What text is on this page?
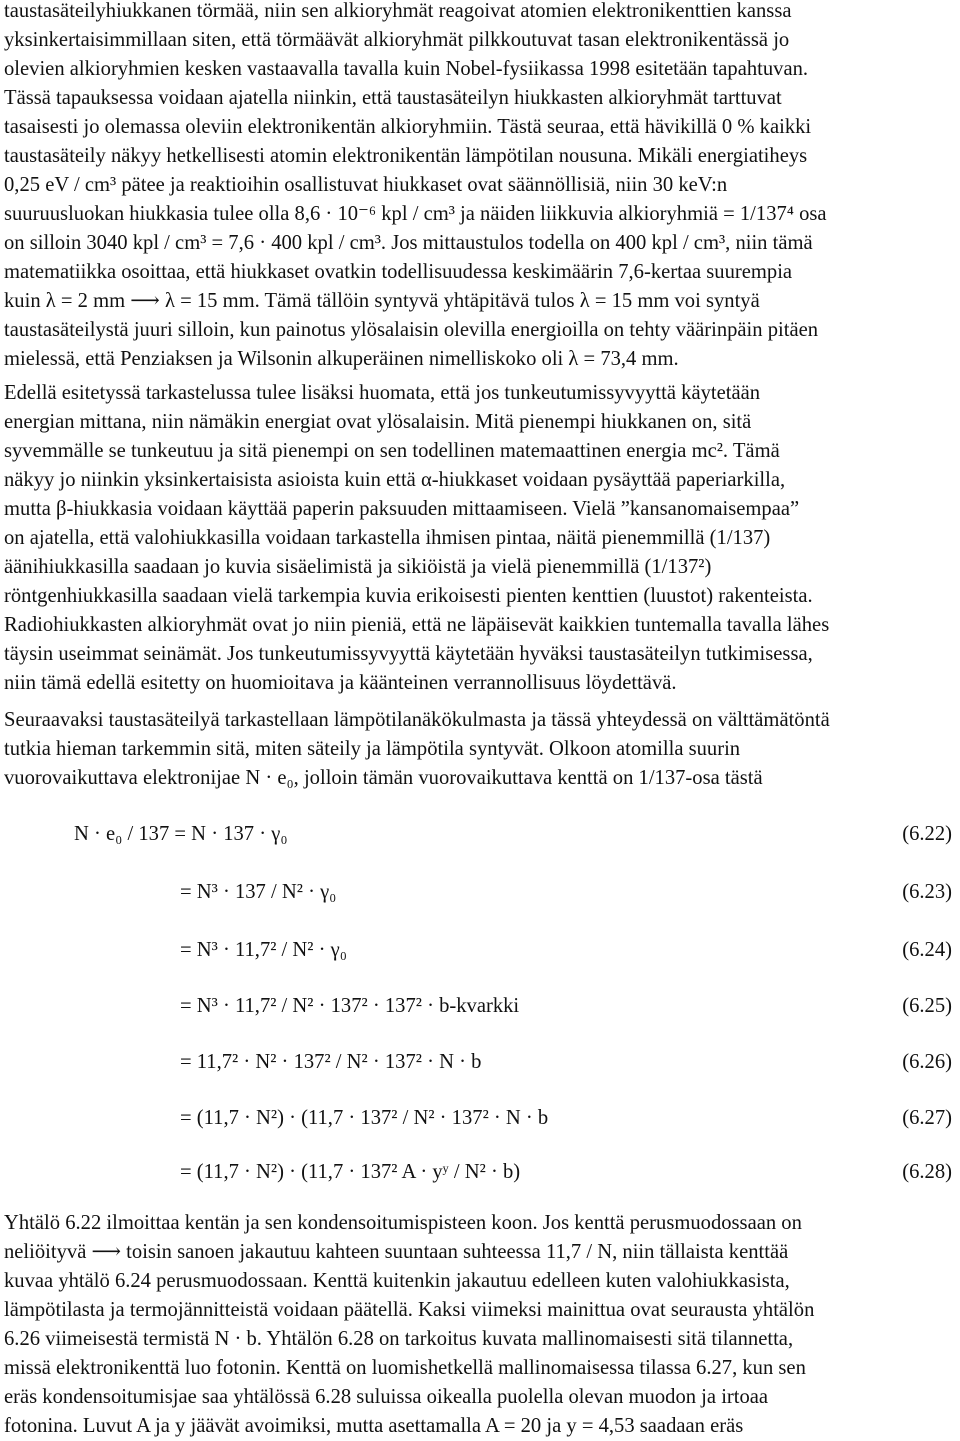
taustasäteilyhiukkanen törmää, niin sen alkioryhmät reagoivat atomien elektronikenttien kanssa
yksinkertaisimmillaan siten, että törmäävät alkioryhmät pilkkoutuvat tasan elektronikentässä jo
olevien alkioryhmien kesken vastaavalla tavalla kuin Nobel-fysiikassa 1998 esitetään tapahtuvan.
Tässä tapauksessa voidaan ajatella niinkin, että taustasäteilyn hiukkasten alkioryhmät tarttuvat
tasaisesti jo olemassa oleviin elektronikentän alkioryhmiin. Tästä seuraa, että hävikillä 0 % kaikki
taustasäteily näkyy hetkellisesti atomin elektronikentän lämpötilan nousuna. Mikäli energiatiheys
0,25 eV / cm³ pätee ja reaktioihin osallistuvat hiukkaset ovat säännöllisiä, niin 30 keV:n
suuruusluokan hiukkasia tulee olla 8,6 · 10⁻⁶ kpl / cm³ ja näiden liikkuvia alkioryhmiä = 1/137⁴ osa
on silloin 3040 kpl / cm³ = 7,6 · 400 kpl / cm³. Jos mittaustulos todella on 400 kpl / cm³, niin tämä
matematiikka osoittaa, että hiukkaset ovatkin todellisuudessa keskimäärin 7,6-kertaa suurempia
kuin λ = 2 mm ⟶ λ = 15 mm. Tämä tällöin syntyvä yhtäpitävä tulos λ = 15 mm voi syntyä
taustasäteilystä juuri silloin, kun painotus ylösalaisin olevilla energioilla on tehty väärinpäin pitäen
mielessä, että Penziaksen ja Wilsonin alkuperäinen nimelliskoko oli λ = 73,4 mm.
Edellä esitetyssä tarkastelussa tulee lisäksi huomata, että jos tunkeutumissyvyyttä käytetään
energian mittana, niin nämäkin energiat ovat ylösalaisin. Mitä pienempi hiukkanen on, sitä
syvemmälle se tunkeutuu ja sitä pienempi on sen todellinen matemaattinen energia mc². Tämä
näkyy jo niinkin yksinkertaisista asioista kuin että α-hiukkaset voidaan pysäyttää paperiarkilla,
mutta β-hiukkasia voidaan käyttää paperin paksuuden mittaamiseen. Vielä ”kansanomaisempaa”
on ajatella, että valohiukkasilla voidaan tarkastella ihmisen pintaa, näitä pienemmillä (1/137)
äänihiukkasilla saadaan jo kuvia sisäelimistä ja sikiöistä ja vielä pienemmillä (1/137²)
röntgenhiukkasilla saadaan vielä tarkempia kuvia erikoisesti pienten kenttien (luustot) rakenteista.
Radiohiukkasten alkioryhmät ovat jo niin pieniä, että ne läpäisevät kaikkien tuntemalla tavalla lähes
täysin useimmat seinämät. Jos tunkeutumissyvyyttä käytetään hyväksi taustasäteilyn tutkimisessa,
niin tämä edellä esitetty on huomioitava ja käänteinen verrannollisuus löydettävä.
Seuraavaksi taustasäteilyä tarkastellaan lämpötilanäkökulmasta ja tässä yhteydessä on välttämätöntä
tutkia hieman tarkemmin sitä, miten säteily ja lämpötila syntyvät. Olkoon atomilla suurin
vuorovaikuttava elektronijae N · e₀, jolloin tämän vuorovaikuttava kenttä on 1/137-osa tästä
N · e₀ / 137 = N · 137 · γ₀	(6.22)
= N³ · 137 / N² · γ₀	(6.23)
= N³ · 11,7² / N² · γ₀	(6.24)
= N³ · 11,7² / N² · 137² · 137² · b-kvarkki	(6.25)
= 11,7² · N² · 137² / N² · 137² · N · b	(6.26)
= (11,7 · N²) · (11,7 · 137² / N² · 137² · N · b	(6.27)
= (11,7 · N²) · (11,7 · 137² A · yʸ / N² · b)	(6.28)
Yhtälö 6.22 ilmoittaa kentän ja sen kondensoitumispisteen koon. Jos kenttä perusmuodossaan on
neliöityvä ⟶ toisin sanoen jakautuu kahteen suuntaan suhteessa 11,7 / N, niin tällaista kenttää
kuvaa yhtälö 6.24 perusmuodossaan. Kenttä kuitenkin jakautuu edelleen kuten valohiukkasista,
lämpötilasta ja termojännitteistä voidaan päätellä. Kaksi viimeksi mainittua ovat seurausta yhtälön
6.26 viimeisestä termistä N · b. Yhtälön 6.28 on tarkoitus kuvata mallinomaisesti sitä tilannetta,
missä elektronikenttä luo fotonin. Kenttä on luomishetkellä mallinomaisessa tilassa 6.27, kun sen
eräs kondensoitumisjae saa yhtälössä 6.28 suluissa oikealla puolella olevan muodon ja irtoaa
fotonina. Luvut A ja y jäävät avoimiksi, mutta asettamalla A = 20 ja y = 4,53 saadaan eräs
